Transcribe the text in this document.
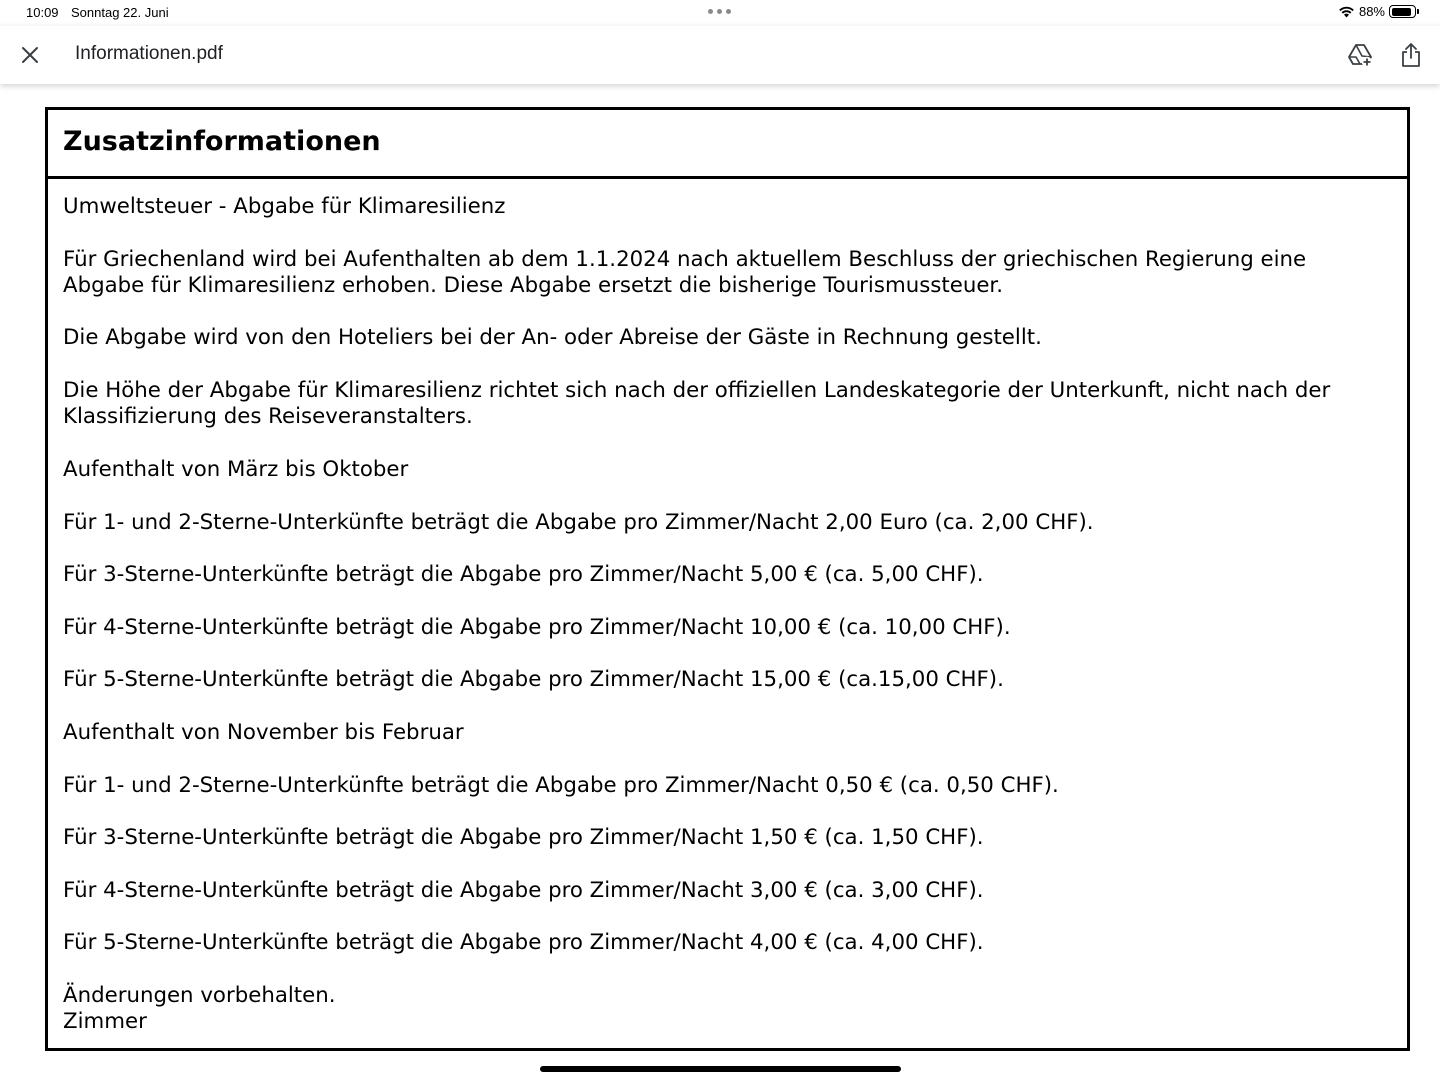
10:09 Sonntag 22. Juni	88%
Informationen.pdf
Zusatzinformationen

Umweltsteuer - Abgabe für Klimaresilienz

Für Griechenland wird bei Aufenthalten ab dem 1.1.2024 nach aktuellem Beschluss der griechischen Regierung eine Abgabe für Klimaresilienz erhoben. Diese Abgabe ersetzt die bisherige Tourismussteuer.

Die Abgabe wird von den Hoteliers bei der An- oder Abreise der Gäste in Rechnung gestellt.

Die Höhe der Abgabe für Klimaresilienz richtet sich nach der offiziellen Landeskategorie der Unterkunft, nicht nach der Klassifizierung des Reiseveranstalters.

Aufenthalt von März bis Oktober

Für 1- und 2-Sterne-Unterkünfte beträgt die Abgabe pro Zimmer/Nacht 2,00 Euro (ca. 2,00 CHF).

Für 3-Sterne-Unterkünfte beträgt die Abgabe pro Zimmer/Nacht 5,00 € (ca. 5,00 CHF).

Für 4-Sterne-Unterkünfte beträgt die Abgabe pro Zimmer/Nacht 10,00 € (ca. 10,00 CHF).

Für 5-Sterne-Unterkünfte beträgt die Abgabe pro Zimmer/Nacht 15,00 € (ca.15,00 CHF).

Aufenthalt von November bis Februar

Für 1- und 2-Sterne-Unterkünfte beträgt die Abgabe pro Zimmer/Nacht 0,50 € (ca. 0,50 CHF).

Für 3-Sterne-Unterkünfte beträgt die Abgabe pro Zimmer/Nacht 1,50 € (ca. 1,50 CHF).

Für 4-Sterne-Unterkünfte beträgt die Abgabe pro Zimmer/Nacht 3,00 € (ca. 3,00 CHF).

Für 5-Sterne-Unterkünfte beträgt die Abgabe pro Zimmer/Nacht 4,00 € (ca. 4,00 CHF).

Änderungen vorbehalten.
Zimmer
